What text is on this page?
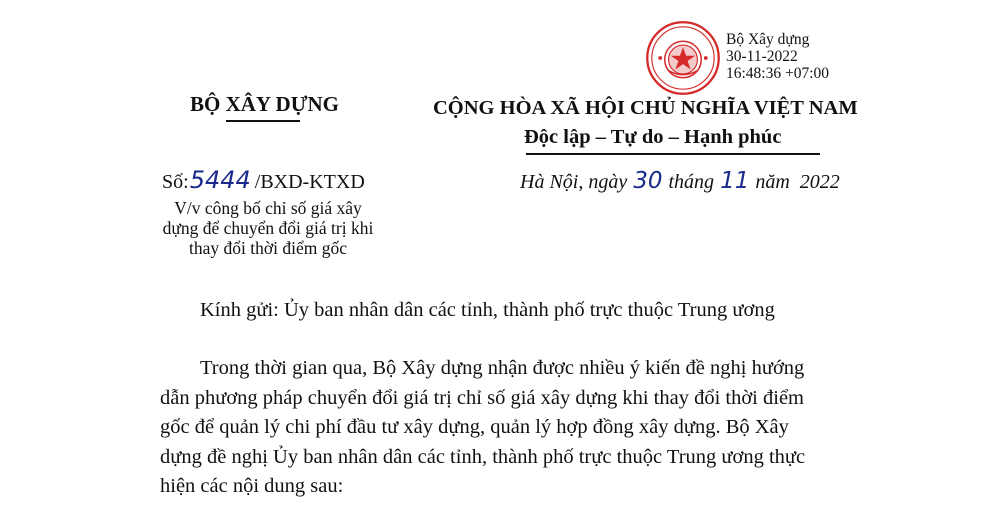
Bộ Xây dựng
30-11-2022
16:48:36 +07:00
BỘ XÂY DỰNG	CỘNG HÒA XÃ HỘI CHỦ NGHĨA VIỆT NAM
Độc lập – Tự do – Hạnh phúc
Số: 5444 /BXD-KTXD	Hà Nội, ngày 30 tháng 11 năm  2022
V/v công bố chỉ số giá xây
dựng để chuyển đổi giá trị khi
thay đổi thời điểm gốc
Kính gửi: Ủy ban nhân dân các tỉnh, thành phố trực thuộc Trung ương
Trong thời gian qua, Bộ Xây dựng nhận được nhiều ý kiến đề nghị hướng
dẫn phương pháp chuyển đổi giá trị chỉ số giá xây dựng khi thay đổi thời điểm
gốc để quản lý chi phí đầu tư xây dựng, quản lý hợp đồng xây dựng. Bộ Xây
dựng đề nghị Ủy ban nhân dân các tỉnh, thành phố trực thuộc Trung ương thực
hiện các nội dung sau:
